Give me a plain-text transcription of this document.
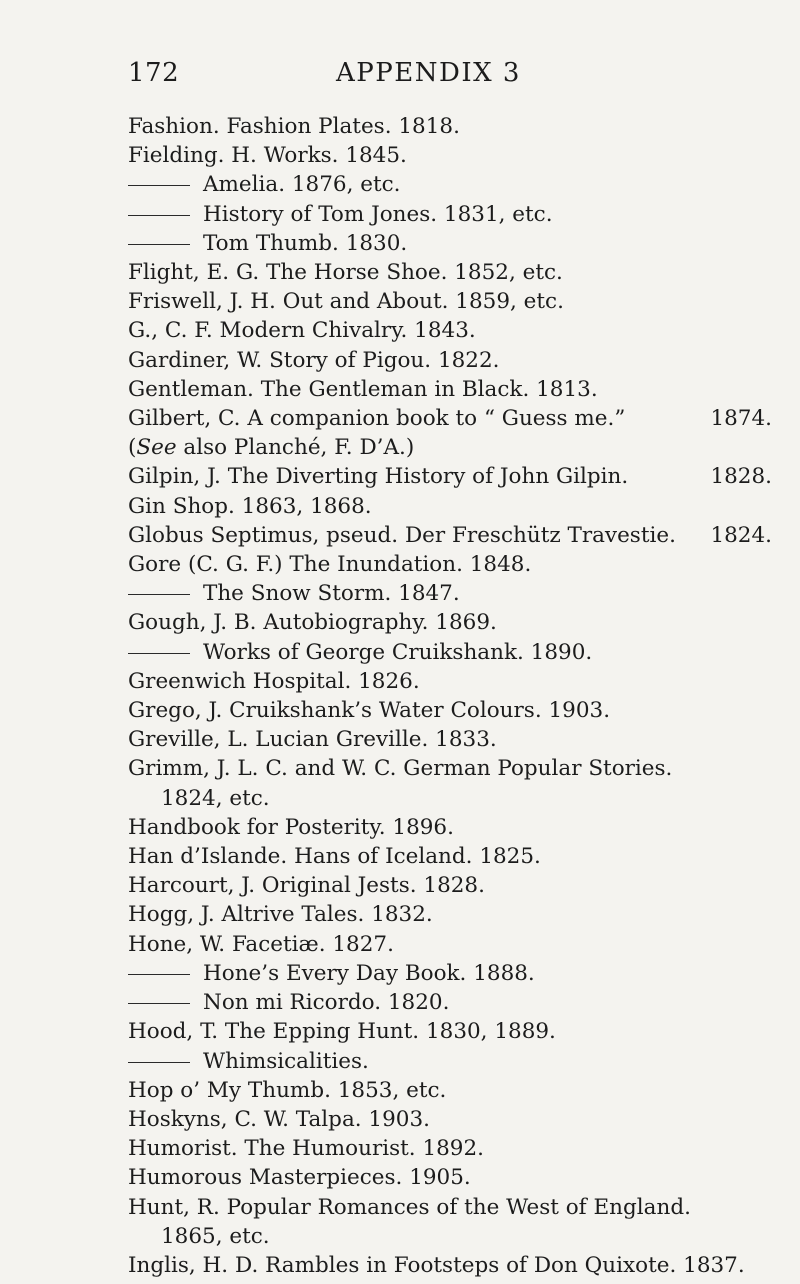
172	APPENDIX 3
Fashion. Fashion Plates. 1818.
Fielding. H. Works. 1845.
Amelia. 1876, etc.
History of Tom Jones. 1831, etc.
Tom Thumb. 1830.
Flight, E. G. The Horse Shoe. 1852, etc.
Friswell, J. H. Out and About. 1859, etc.
G., C. F. Modern Chivalry. 1843.
Gardiner, W. Story of Pigou. 1822.
Gentleman. The Gentleman in Black. 1813.
Gilbert, C. A companion book to “ Guess me.”	1874.
(See also Planché, F. D’A.)
Gilpin, J. The Diverting History of John Gilpin.	1828.
Gin Shop. 1863, 1868.
Globus Septimus, pseud. Der Freschütz Travestie. 1824.
Gore (C. G. F.) The Inundation. 1848.
The Snow Storm. 1847.
Gough, J. B. Autobiography. 1869.
Works of George Cruikshank. 1890.
Greenwich Hospital. 1826.
Grego, J. Cruikshank’s Water Colours. 1903.
Greville, L. Lucian Greville. 1833.
Grimm, J. L. C. and W. C. German Popular Stories.
1824, etc.
Handbook for Posterity. 1896.
Han d’Islande. Hans of Iceland. 1825.
Harcourt, J. Original Jests. 1828.
Hogg, J. Altrive Tales. 1832.
Hone, W. Facetiæ. 1827.
Hone’s Every Day Book. 1888.
Non mi Ricordo. 1820.
Hood, T. The Epping Hunt. 1830, 1889.
Whimsicalities.
Hop o’ My Thumb. 1853, etc.
Hoskyns, C. W. Talpa. 1903.
Humorist. The Humourist. 1892.
Humorous Masterpieces. 1905.
Hunt, R. Popular Romances of the West of England.
1865, etc.
Inglis, H. D. Rambles in Footsteps of Don Quixote. 1837.
